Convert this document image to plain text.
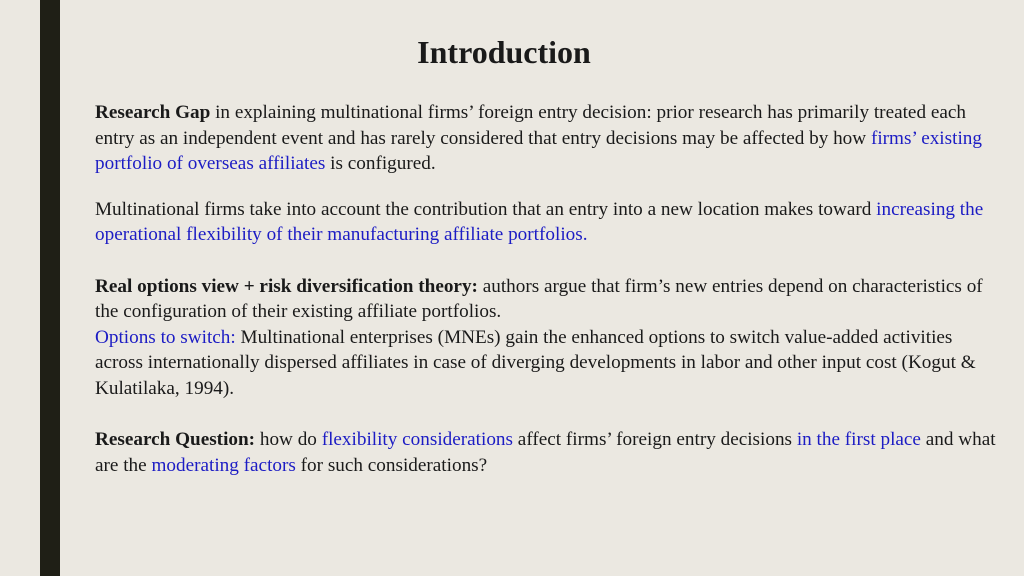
Introduction

Research Gap in explaining multinational firms’ foreign entry decision: prior research has primarily treated each entry as an independent event and has rarely considered that entry decisions may be affected by how firms’ existing portfolio of overseas affiliates is configured.

Multinational firms take into account the contribution that an entry into a new location makes toward increasing the operational flexibility of their manufacturing affiliate portfolios.

Real options view + risk diversification theory: authors argue that firm’s new entries depend on characteristics of the configuration of their existing affiliate portfolios.
Options to switch: Multinational enterprises (MNEs) gain the enhanced options to switch value-added activities across internationally dispersed affiliates in case of diverging developments in labor and other input cost (Kogut & Kulatilaka, 1994).

Research Question: how do flexibility considerations affect firms’ foreign entry decisions in the first place and what are the moderating factors for such considerations?
